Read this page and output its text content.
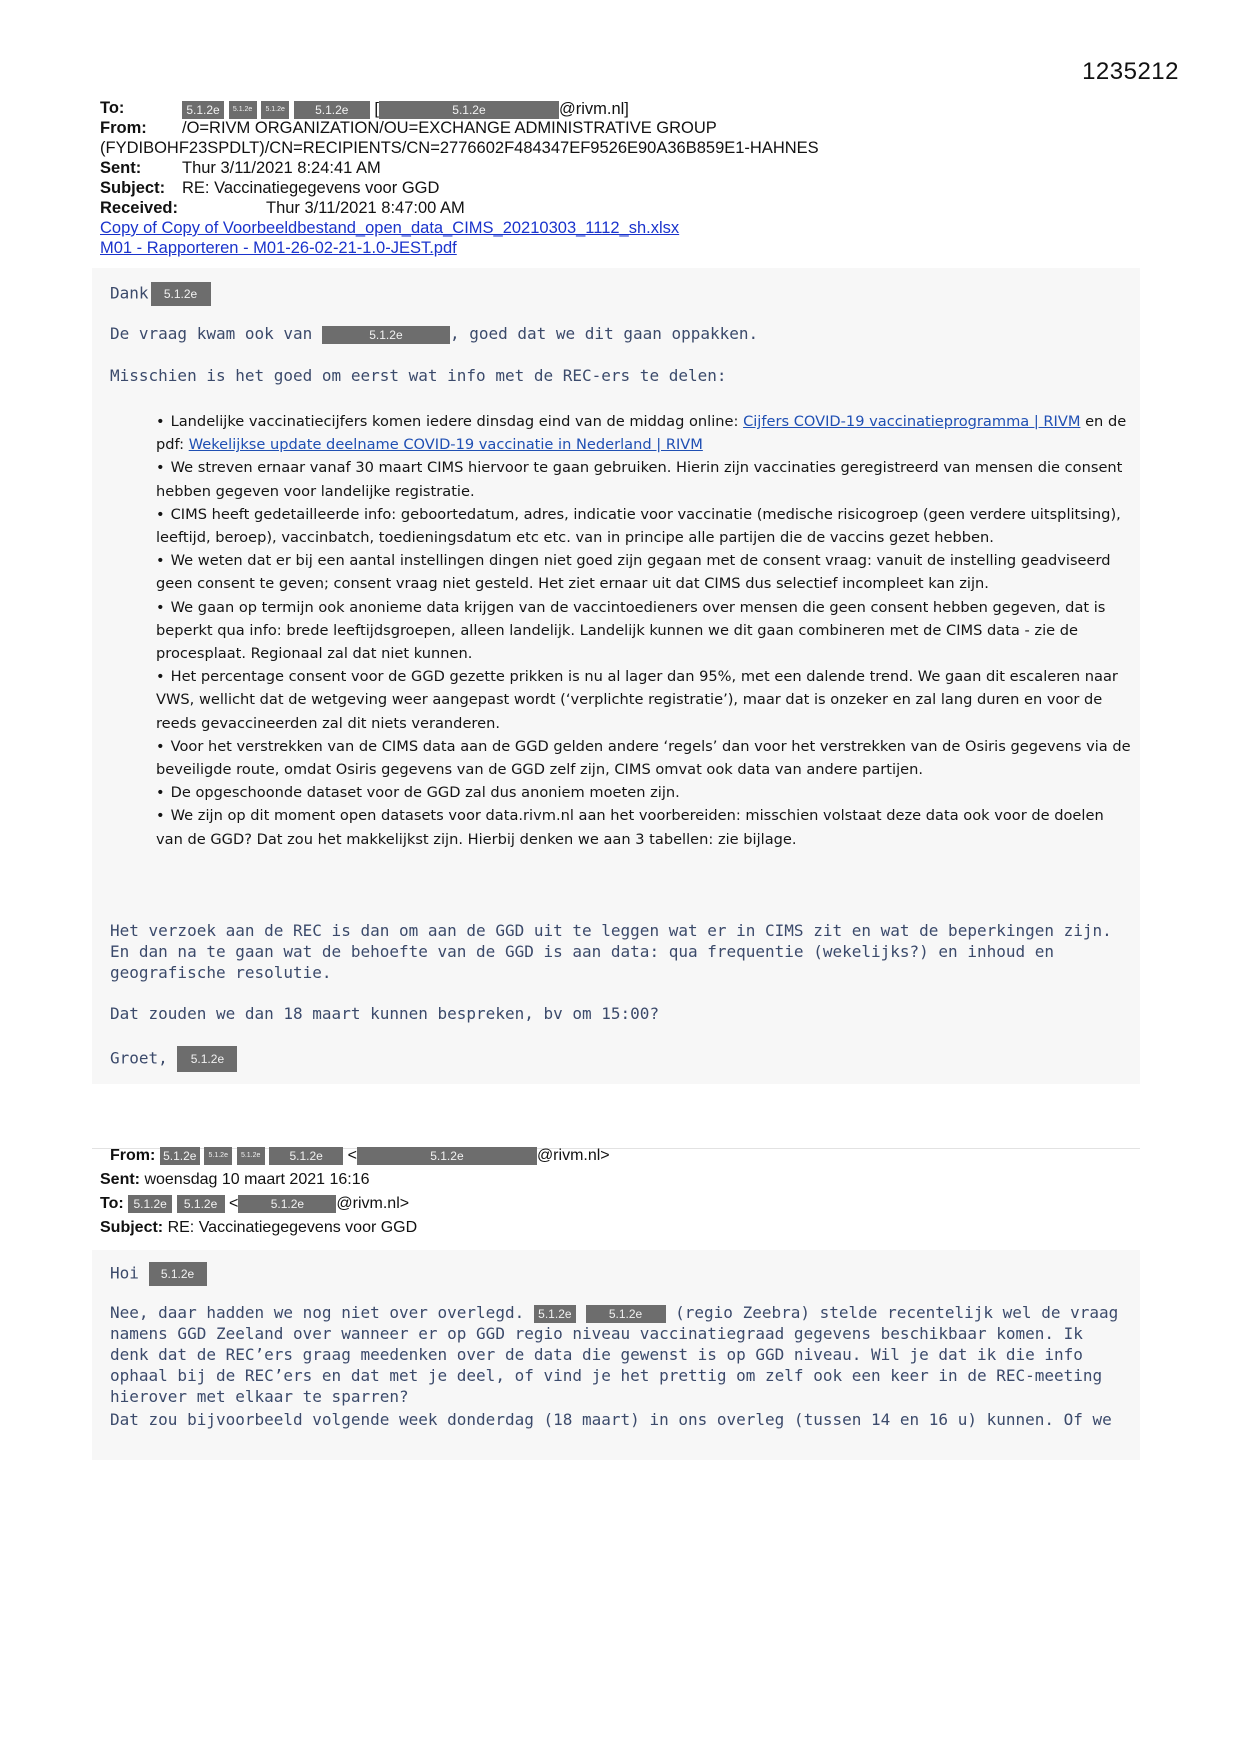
1235212
To:	5.1.2e 5.1.2e 5.1.2e	5.1.2e [	5.1.2e	@rivm.nl]
From: /O=RIVM ORGANIZATION/OU=EXCHANGE ADMINISTRATIVE GROUP
(FYDIBOHF23SPDLT)/CN=RECIPIENTS/CN=2776602F484347EF9526E90A36B859E1-HAHNES
Sent: Thur 3/11/2021 8:24:41 AM
Subject: RE: Vaccinatiegegevens voor GGD
Received:	Thur 3/11/2021 8:47:00 AM
Copy of Copy of Voorbeeldbestand_open_data_CIMS_20210303_1112_sh.xlsx
M01 - Rapporteren - M01-26-02-21-1.0-JEST.pdf
Dank 5.1.2e
De vraag kwam ook van	5.1.2e	, goed dat we dit gaan oppakken.
Misschien is het goed om eerst wat info met de REC-ers te delen:
• Landelijke vaccinatiecijfers komen iedere dinsdag eind van de middag online: Cijfers COVID-19 vaccinatieprogramma | RIVM en de pdf: Wekelijkse update deelname COVID-19 vaccinatie in Nederland | RIVM
• We streven ernaar vanaf 30 maart CIMS hiervoor te gaan gebruiken. Hierin zijn vaccinaties geregistreerd van mensen die consent hebben gegeven voor landelijke registratie.
• CIMS heeft gedetailleerde info: geboortedatum, adres, indicatie voor vaccinatie (medische risicogroep (geen verdere uitsplitsing), leeftijd, beroep), vaccinbatch, toedieningsdatum etc etc. van in principe alle partijen die de vaccins gezet hebben.
• We weten dat er bij een aantal instellingen dingen niet goed zijn gegaan met de consent vraag: vanuit de instelling geadviseerd geen consent te geven; consent vraag niet gesteld. Het ziet ernaar uit dat CIMS dus selectief incompleet kan zijn.
• We gaan op termijn ook anonieme data krijgen van de vaccintoedieners over mensen die geen consent hebben gegeven, dat is beperkt qua info: brede leeftijdsgroepen, alleen landelijk. Landelijk kunnen we dit gaan combineren met de CIMS data - zie de procesplaat. Regionaal zal dat niet kunnen.
• Het percentage consent voor de GGD gezette prikken is nu al lager dan 95%, met een dalende trend. We gaan dit escaleren naar VWS, wellicht dat de wetgeving weer aangepast wordt (‘verplichte registratie’), maar dat is onzeker en zal lang duren en voor de reeds gevaccineerden zal dit niets veranderen.
• Voor het verstrekken van de CIMS data aan de GGD gelden andere ‘regels’ dan voor het verstrekken van de Osiris gegevens via de beveiligde route, omdat Osiris gegevens van de GGD zelf zijn, CIMS omvat ook data van andere partijen.
• De opgeschoonde dataset voor de GGD zal dus anoniem moeten zijn.
• We zijn op dit moment open datasets voor data.rivm.nl aan het voorbereiden: misschien volstaat deze data ook voor de doelen van de GGD? Dat zou het makkelijkst zijn. Hierbij denken we aan 3 tabellen: zie bijlage.
Het verzoek aan de REC is dan om aan de GGD uit te leggen wat er in CIMS zit en wat de beperkingen zijn. En dan na te gaan wat de behoefte van de GGD is aan data: qua frequentie (wekelijks?) en inhoud en geografische resolutie.
Dat zouden we dan 18 maart kunnen bespreken, bv om 15:00?
Groet, 5.1.2e
From: 5.1.2e 5.1.2e 5.1.2e 5.1.2e <	5.1.2e	@rivm.nl>
Sent: woensdag 10 maart 2021 16:16
To: 5.1.2e 5.1.2e <	5.1.2e @rivm.nl>
Subject: RE: Vaccinatiegegevens voor GGD
Hoi 5.1.2e
Nee, daar hadden we nog niet over overlegd. 5.1.2e	5.1.2e (regio Zeebra) stelde recentelijk wel de vraag namens GGD Zeeland over wanneer er op GGD regio niveau vaccinatiegraad gegevens beschikbaar komen. Ik denk dat de REC’ers graag meedenken over de data die gewenst is op GGD niveau. Wil je dat ik die info ophaal bij de REC’ers en dat met je deel, of vind je het prettig om zelf ook een keer in de REC-meeting hierover met elkaar te sparren?
Dat zou bijvoorbeeld volgende week donderdag (18 maart) in ons overleg (tussen 14 en 16 u) kunnen. Of we
